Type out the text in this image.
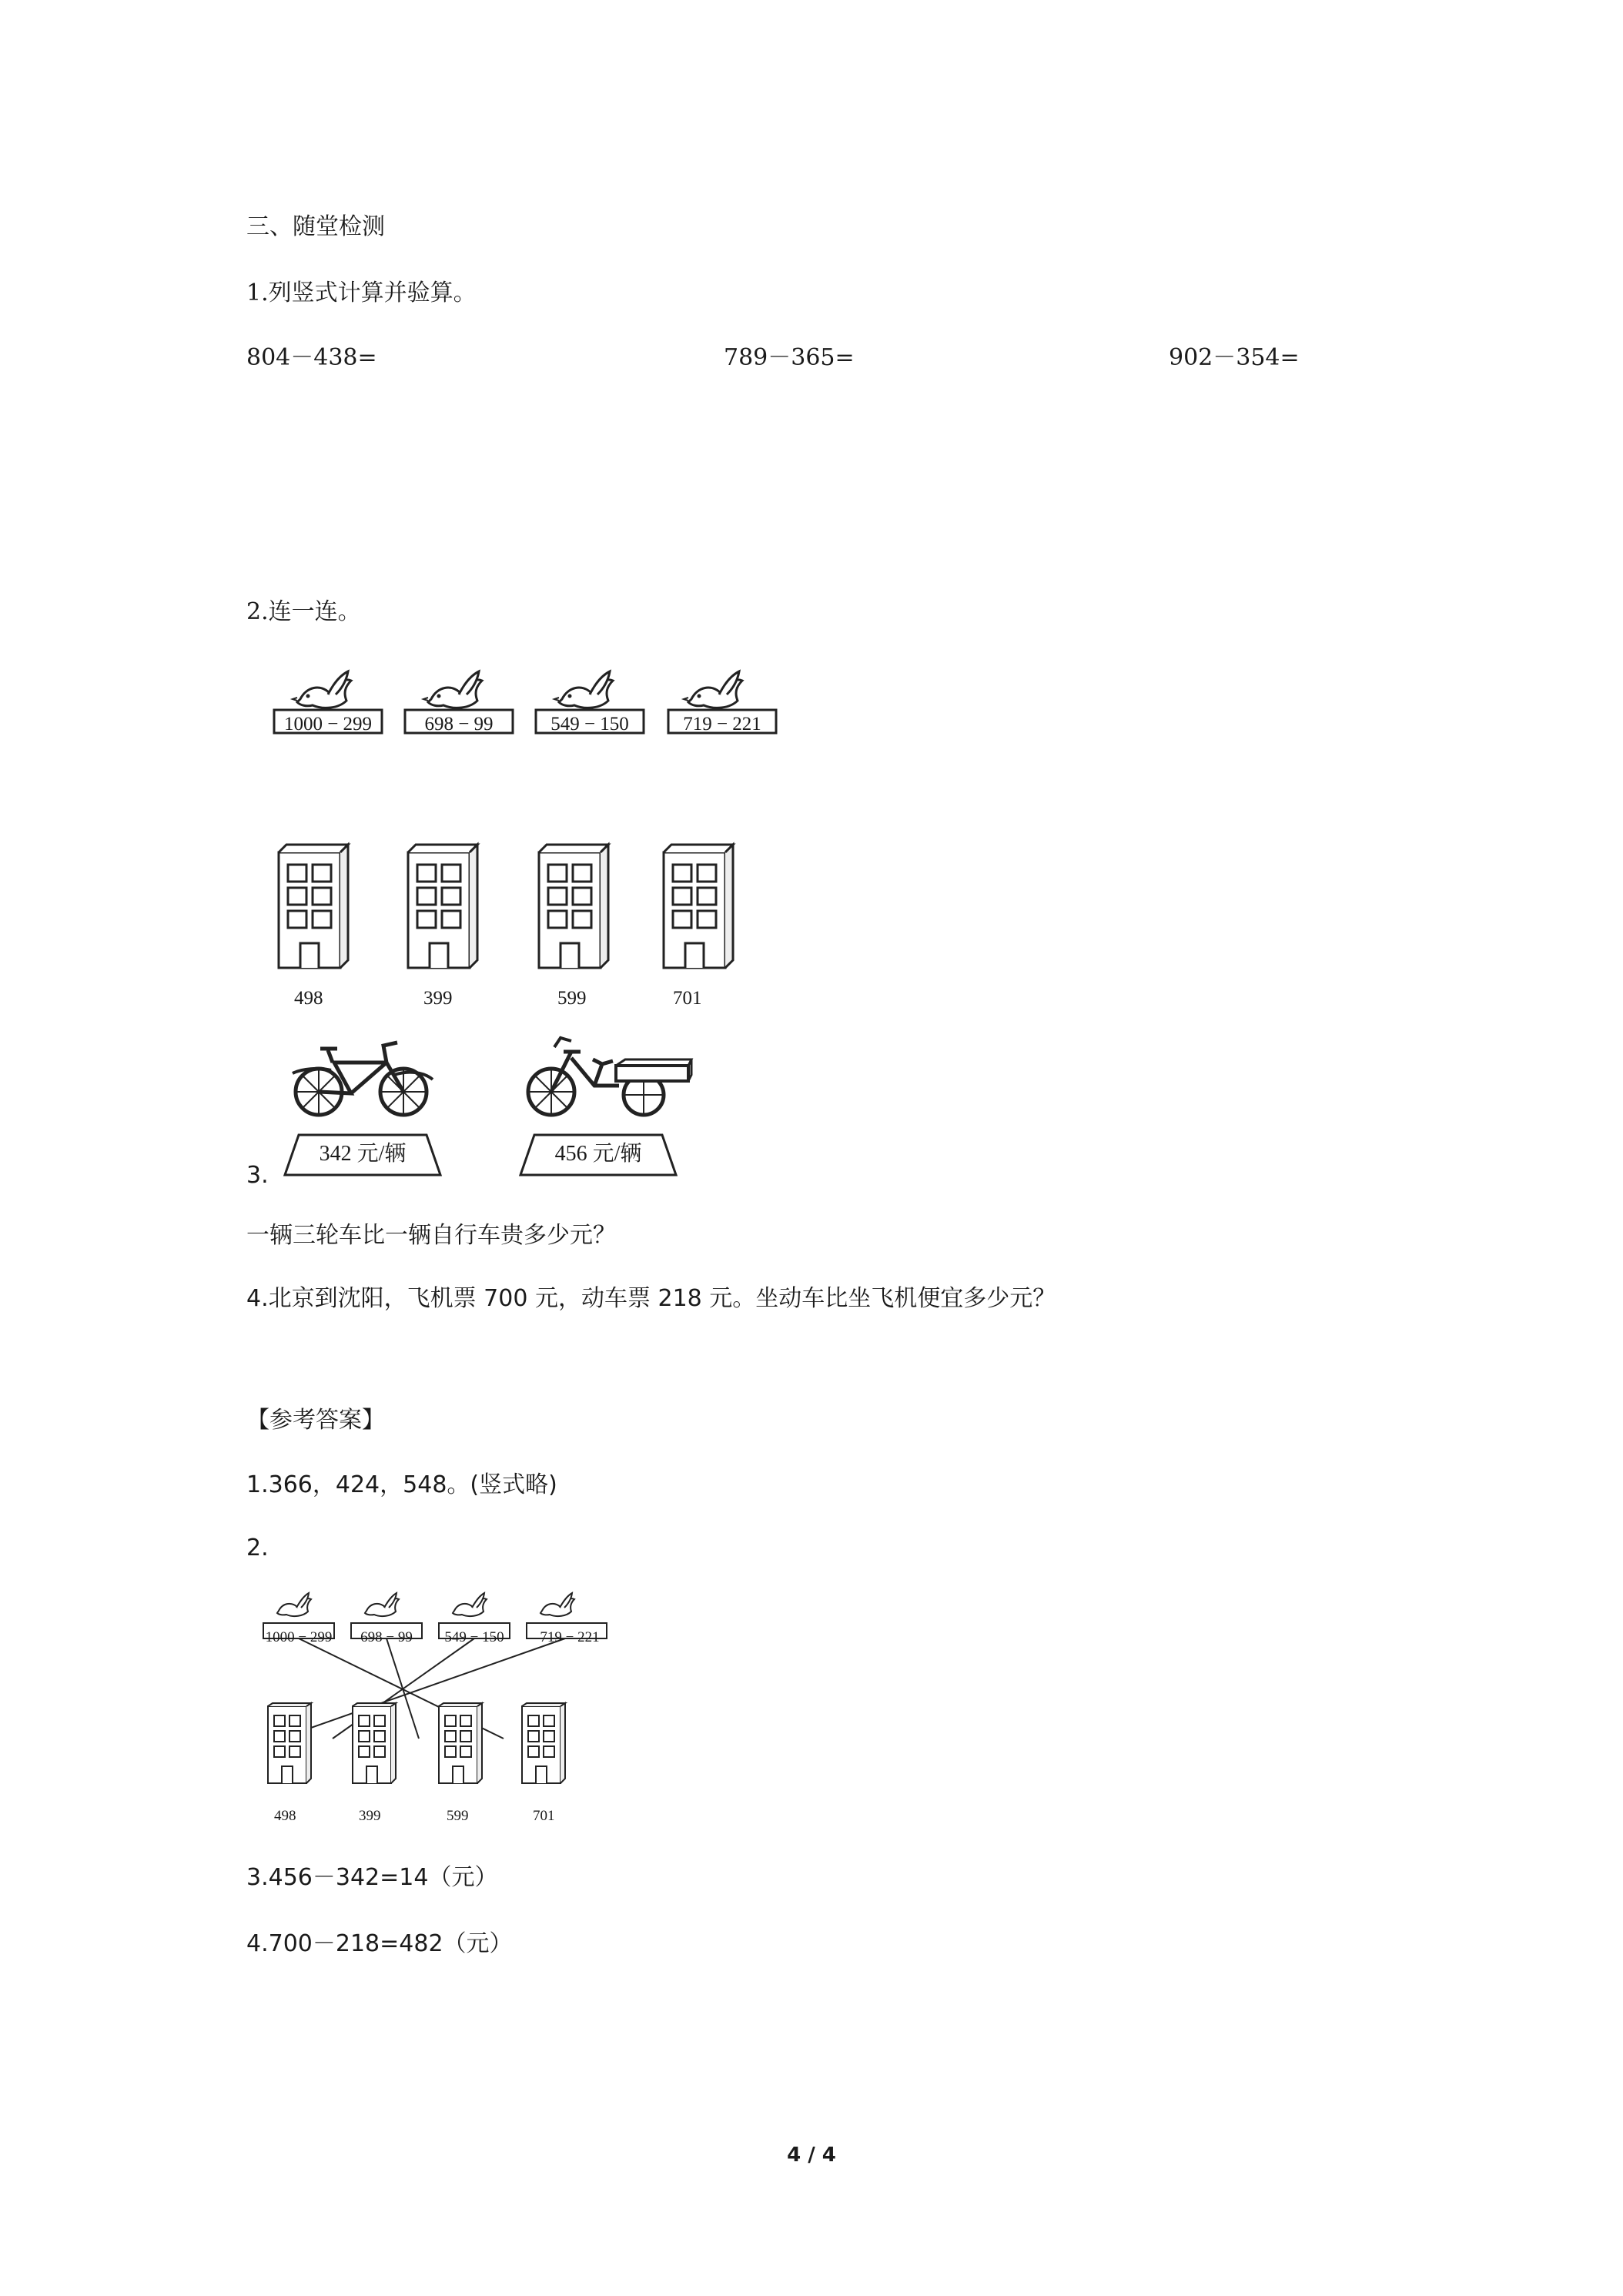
三、随堂检测
1.列竖式计算并验算。
804－438=	789－365=	902－354=
2.连一连。
1000 − 299	698 − 99	549 − 150	719 − 221
498	399	599	701
342 元/辆	456 元/辆
3.
一辆三轮车比一辆自行车贵多少元？
4.北京到沈阳，飞机票 700 元，动车票 218 元。坐动车比坐飞机便宜多少元？
【参考答案】
1.366，424，548。(竖式略)
2.
1000 − 299	698 − 99	549 − 150	719 − 221
498	399	599	701
3.456－342=14（元）
4.700－218=482（元）
4 / 4
